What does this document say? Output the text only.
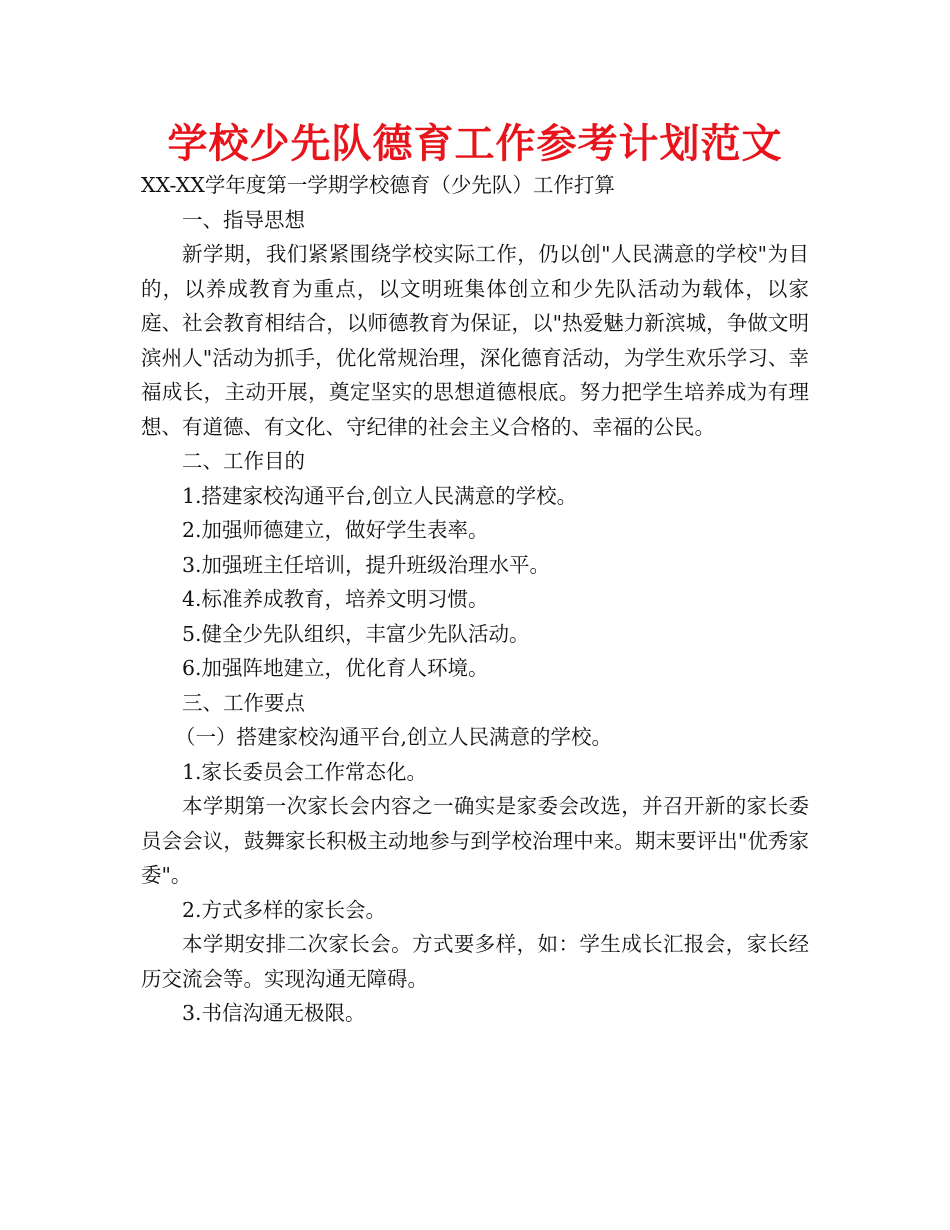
学校少先队德育工作参考计划范文

XX-XX学年度第一学期学校德育（少先队）工作打算

一、指导思想

新学期，我们紧紧围绕学校实际工作，仍以创"人民满意的学校"为目的，以养成教育为重点，以文明班集体创立和少先队活动为载体，以家庭、社会教育相结合，以师德教育为保证，以"热爱魅力新滨城，争做文明滨州人"活动为抓手，优化常规治理，深化德育活动，为学生欢乐学习、幸福成长，主动开展，奠定坚实的思想道德根底。努力把学生培养成为有理想、有道德、有文化、守纪律的社会主义合格的、幸福的公民。

二、工作目的

1.搭建家校沟通平台,创立人民满意的学校。

2.加强师德建立，做好学生表率。

3.加强班主任培训，提升班级治理水平。

4.标准养成教育，培养文明习惯。

5.健全少先队组织，丰富少先队活动。

6.加强阵地建立，优化育人环境。

三、工作要点

（一）搭建家校沟通平台,创立人民满意的学校。

1.家长委员会工作常态化。

本学期第一次家长会内容之一确实是家委会改选，并召开新的家长委员会会议，鼓舞家长积极主动地参与到学校治理中来。期末要评出"优秀家委"。

2.方式多样的家长会。

本学期安排二次家长会。方式要多样，如：学生成长汇报会，家长经历交流会等。实现沟通无障碍。

3.书信沟通无极限。
